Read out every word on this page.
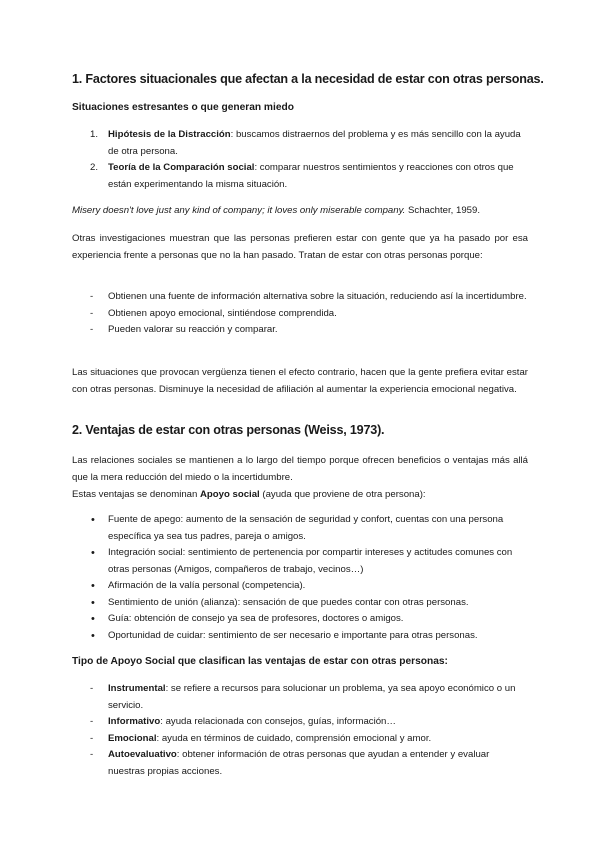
1. Factores situacionales que afectan a la necesidad de estar con otras personas.
Situaciones estresantes o que generan miedo
1. Hipótesis de la Distracción: buscamos distraernos del problema y es más sencillo con la ayuda de otra persona.
2. Teoría de la Comparación social: comparar nuestros sentimientos y reacciones con otros que están experimentando la misma situación.
Misery doesn't love just any kind of company; it loves only miserable company. Schachter, 1959.
Otras investigaciones muestran que las personas prefieren estar con gente que ya ha pasado por esa experiencia frente a personas que no la han pasado. Tratan de estar con otras personas porque:
- Obtienen una fuente de información alternativa sobre la situación, reduciendo así la incertidumbre.
- Obtienen apoyo emocional, sintiéndose comprendida.
- Pueden valorar su reacción y comparar.
Las situaciones que provocan vergüenza tienen el efecto contrario, hacen que la gente prefiera evitar estar con otras personas. Disminuye la necesidad de afiliación al aumentar la experiencia emocional negativa.
2. Ventajas de estar con otras personas (Weiss, 1973).
Las relaciones sociales se mantienen a lo largo del tiempo porque ofrecen beneficios o ventajas más allá que la mera reducción del miedo o la incertidumbre.
Estas ventajas se denominan Apoyo social (ayuda que proviene de otra persona):
• Fuente de apego: aumento de la sensación de seguridad y confort, cuentas con una persona específica ya sea tus padres, pareja o amigos.
• Integración social: sentimiento de pertenencia por compartir intereses y actitudes comunes con otras personas (Amigos, compañeros de trabajo, vecinos…)
• Afirmación de la valía personal (competencia).
• Sentimiento de unión (alianza): sensación de que puedes contar con otras personas.
• Guía: obtención de consejo ya sea de profesores, doctores o amigos.
• Oportunidad de cuidar: sentimiento de ser necesario e importante para otras personas.
Tipo de Apoyo Social que clasifican las ventajas de estar con otras personas:
- Instrumental: se refiere a recursos para solucionar un problema, ya sea apoyo económico o un servicio.
- Informativo: ayuda relacionada con consejos, guías, información…
- Emocional: ayuda en términos de cuidado, comprensión emocional y amor.
- Autoevaluativo: obtener información de otras personas que ayudan a entender y evaluar nuestras propias acciones.
